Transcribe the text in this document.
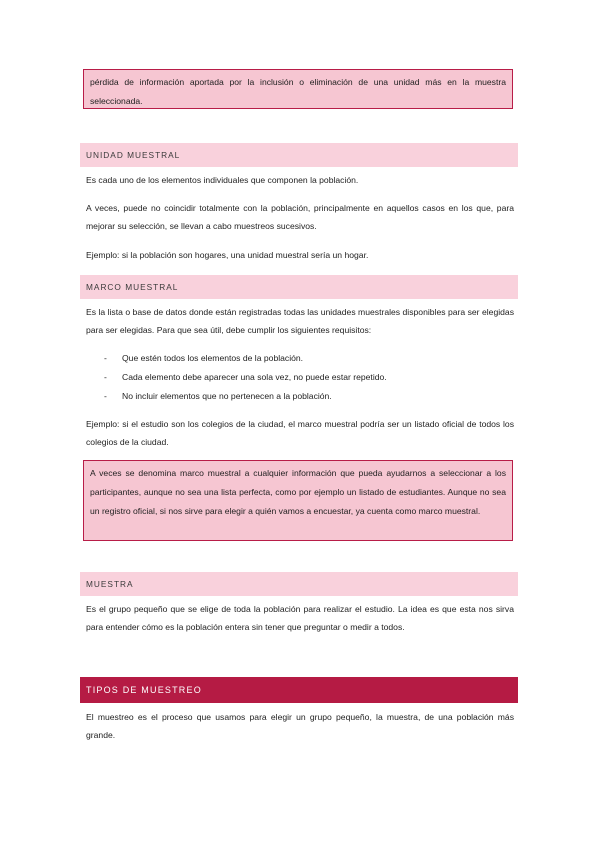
pérdida de información aportada por la inclusión o eliminación de una unidad más en la muestra seleccionada.
UNIDAD MUESTRAL

Es cada uno de los elementos individuales que componen la población.

A veces, puede no coincidir totalmente con la población, principalmente en aquellos casos en los que, para mejorar su selección, se llevan a cabo muestreos sucesivos.

Ejemplo: si la población son hogares, una unidad muestral sería un hogar.

MARCO MUESTRAL

Es la lista o base de datos donde están registradas todas las unidades muestrales disponibles para ser elegidas para ser elegidas. Para que sea útil, debe cumplir los siguientes requisitos:

- Que estén todos los elementos de la población.
- Cada elemento debe aparecer una sola vez, no puede estar repetido.
- No incluir elementos que no pertenecen a la población.

Ejemplo: si el estudio son los colegios de la ciudad, el marco muestral podría ser un listado oficial de todos los colegios de la ciudad.

A veces se denomina marco muestral a cualquier información que pueda ayudarnos a seleccionar a los participantes, aunque no sea una lista perfecta, como por ejemplo un listado de estudiantes. Aunque no sea un registro oficial, si nos sirve para elegir a quién vamos a encuestar, ya cuenta como marco muestral.
MUESTRA

Es el grupo pequeño que se elige de toda la población para realizar el estudio. La idea es que esta nos sirva para entender cómo es la población entera sin tener que preguntar o medir a todos.

TIPOS DE MUESTREO

El muestreo es el proceso que usamos para elegir un grupo pequeño, la muestra, de una población más grande.
